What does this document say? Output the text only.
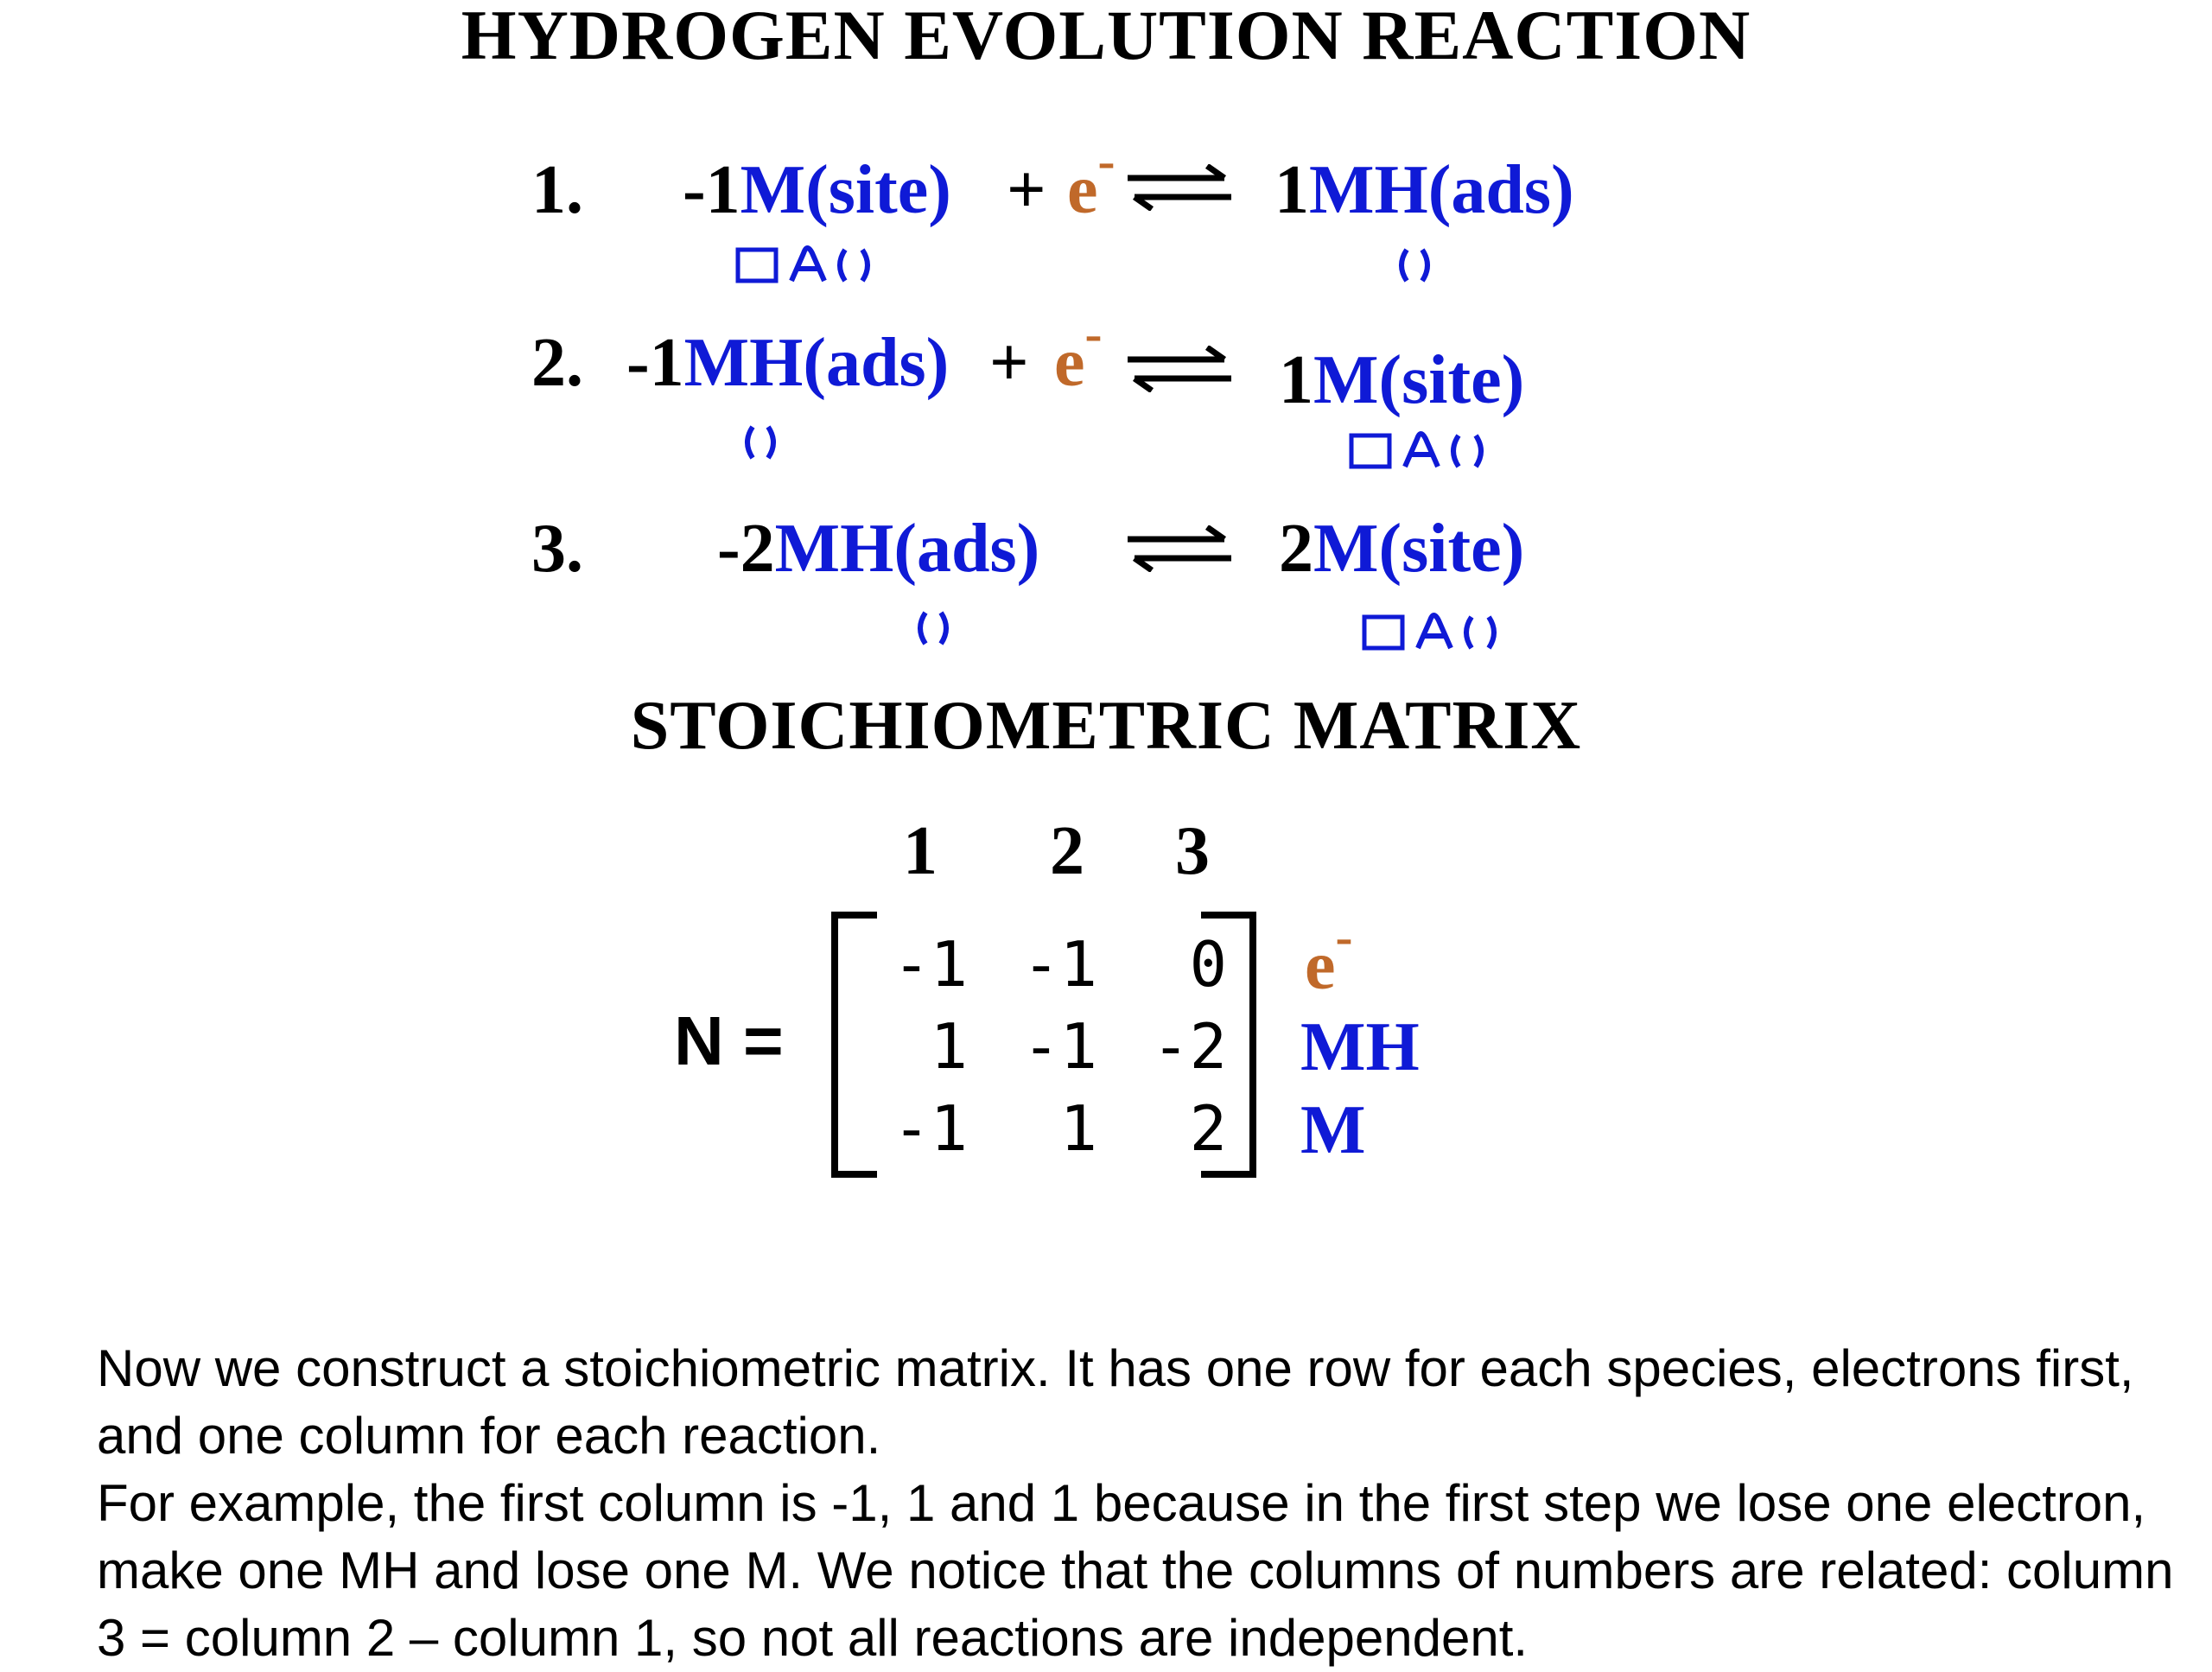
HYDROGEN EVOLUTION REACTION
1. -1M(site) + e- 1MH(ads)
2. -1MH(ads) + e-
1M(site)
3. -2MH(ads)	2M(site)
STOICHIOMETRIC MATRIX
1 2 3
N =
-1 -1	0
1 -1 -2
-1	1	2
e-
MH
M
Now we construct a stoichiometric matrix. It has one row for each species, electrons first, and one column for each reaction.
For example, the first column is -1, 1 and 1 because in the first step we lose one electron, make one MH and lose one M. We notice that the columns of numbers are related: column 3 = column 2 – column 1, so not all reactions are independent.
